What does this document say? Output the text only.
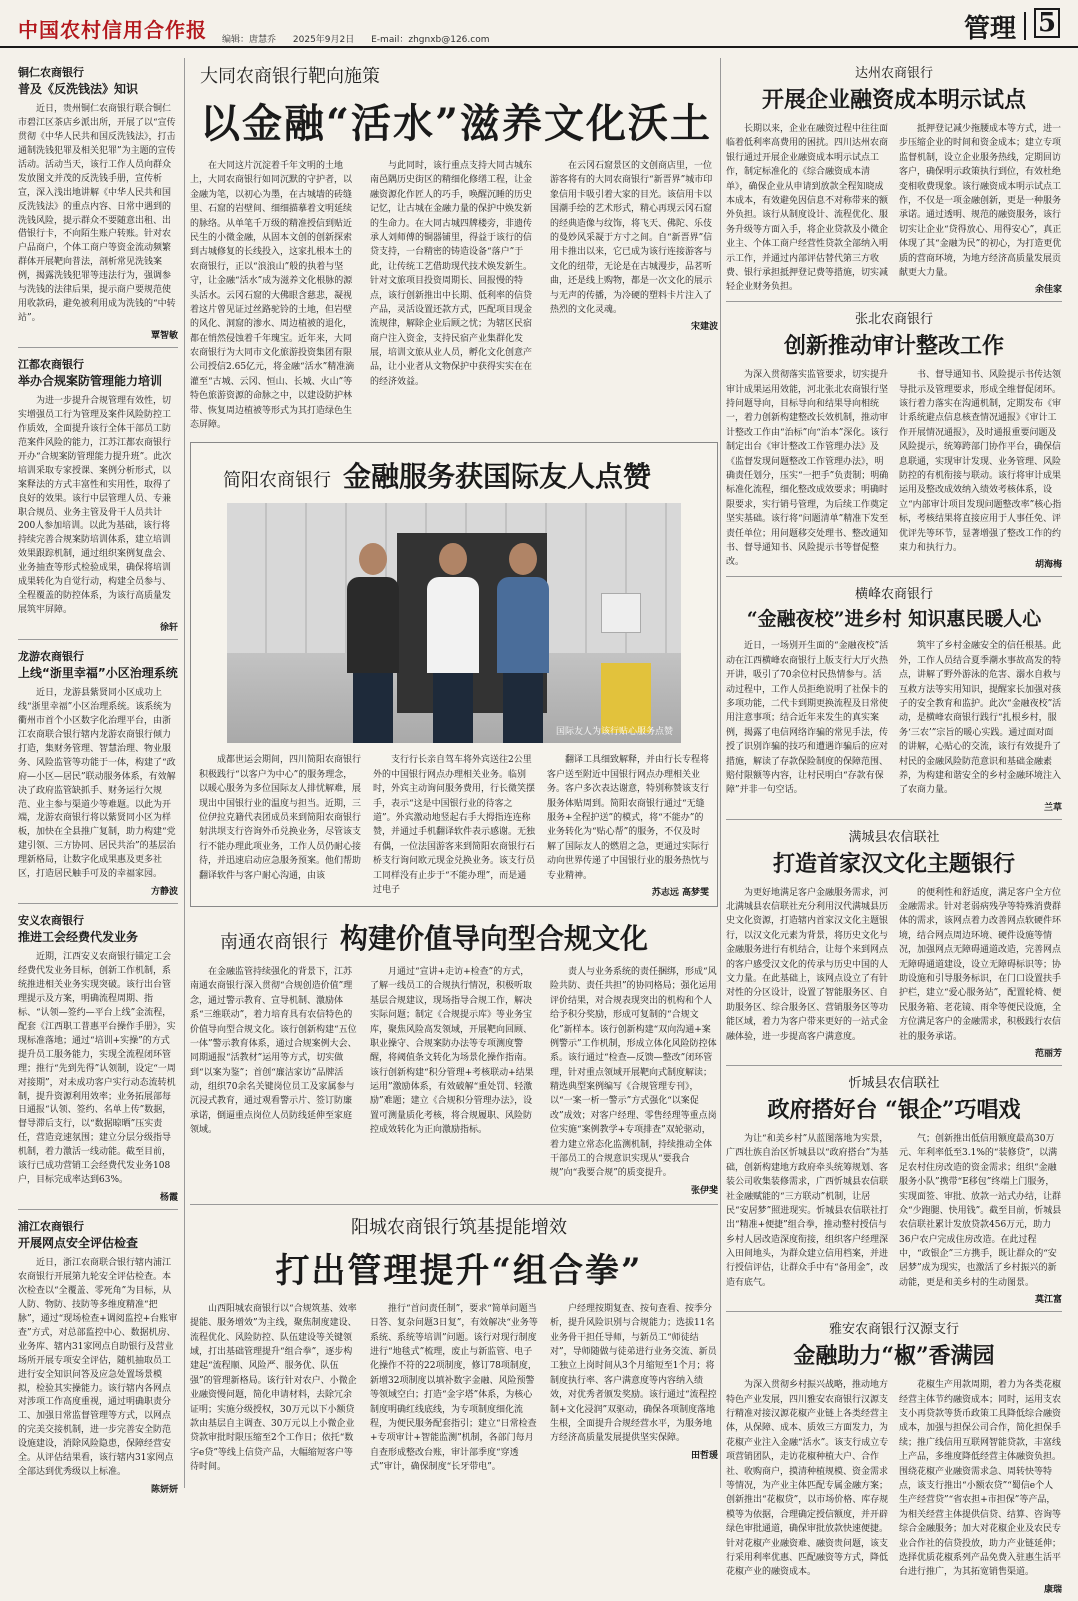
中国农村信用合作报 编辑：唐慧乔 2025年9月2日 E-mail：zhgnxb@126.com	管理 5
铜仁农商银行
普及《反洗钱法》知识
近日，贵州铜仁农商银行联合铜仁市碧江区茶店乡派出所，开展了以“宣传贯彻《中华人民共和国反洗钱法》，打击通制洗钱犯罪及相关犯罪”为主题的宣传活动。活动当天，该行工作人员向群众发放图文并茂的反洗钱手册，宣传析宣，深入浅出地讲解《中华人民共和国反洗钱法》的重点内容、日常中遇到的洗钱风险，提示群众不要随意出租、出借银行卡，不向陌生账户转账。针对农户品商户，个体工商户等资金流动频繁群体开展靶向普法，剖析常见洗钱案例，揭露洗钱犯罪等违法行为，强调参与洗钱的法律后果，提示商户要规范使用收款码，避免被利用成为洗钱的“中转站”。
覃智敏
江都农商银行
举办合规案防管理能力培训
为进一步提升合规管理有效性，切实增强员工行为管理及案件风险防控工作质效，全面提升该行全体干部员工防范案件风险的能力，江苏江都农商银行开办“合规案防管理能力提升班”。此次培训采取专家授课、案例分析形式，以案释法的方式丰富性和实用性，取得了良好的效果。该行中层管理人员、专兼职合规员、业务主管及骨干人员共计200人参加培训。以此为基础，该行将持续完善合规案防培训体系，建立培训效果跟踪机制，通过组织案例复盘会、业务抽查等形式检验成果，确保将培训成果转化为自觉行动，构建全员参与、全程覆盖的防控体系，为该行高质量发展筑牢屏障。
徐轩
龙游农商银行
上线“浙里幸福”小区治理系统
近日，龙游县紫贤同小区成功上线“浙里幸福”小区治理系统。该系统为衢州市首个小区数字化治理平台，由浙江农商联合银行辖内龙游农商银行倾力打造，集财务管理、智慧治理、物业服务、风险监管等功能于一体，构建了“政府—小区—居民”联动服务体系，有效解决了政府监管缺抓手、财务运行欠规范、业主参与渠道少等难题。以此为开端，龙游农商银行将以紫贤同小区为样板，加快在全县推广复制，助力构建“党建引领、三方协同、居民共治”的基层治理新格局，让数字化成果惠及更多社区，打造居民触手可及的幸福家园。
方静波
安义农商银行
推进工会经费代发业务
近期，江西安义农商银行锚定工会经费代发业务目标，创新工作机制，系统推进相关业务实现突破。该行出台管理提示及方案，明确流程周期、指标、“认领—签约—平台上线”金流程，配套《江西职工普惠平台操作手册》，实现标准落地；通过“培训+实操”的方式提升员工服务能力，实现全流程闭环管理；推行“先到先得”认领制，设定“一周对接期”，对未成功客户实行动态流转机制，提升资源利用效率；业务拓展部每日通报“认领、签约、名单上传”数据，督导滞后支行，以“数据晾晒”压实责任，营造竞速氛围；建立分层分级指导机制，着力激活一线动能。截至目前，该行已成功营销工会经费代发业务108户，目标完成率达到63%。
杨霞
浦江农商银行
开展网点安全评估检查
近日，浙江农商联合银行辖内浦江农商银行开展第九轮安全评估检查。本次检查以“全覆盖、零死角”为目标，从人防、物防、技防等多维度精准“把脉”，通过“现场检查+调阅监控+台账审查”方式，对总部监控中心、数据机房、业务库、辖内31家网点自助银行及营业场所开展专项安全评估，随机抽取员工进行安全知识问答及应急处置场景模拟，检验其实操能力。该行辖内各网点对涉项工作高度重视，通过明确职责分工、加强日常监督管理等方式，以网点的完美交接机制，进一步完善安全防范设施建设，消除风险隐患，保障经营安全。从评估结果看，该行辖内31家网点全部达到优秀级以上标准。
陈妍妍
大同农商银行靶向施策
以金融“活水”滋养文化沃土
在大同这片沉淀着千年文明的土地上，大同农商银行如同沉默的守护者，以金融为笔，以初心为墨，在古城墙的砖缝里、石窟的岩壁间、细细描摹着文明延续的脉络。从单笔千万级的精准授信到贴近民生的小微金融，从固本文创的创新探索到古城修复的长线投入，这家扎根本土的农商银行，正以“浪浪山”般的执着与坚守，让金融“活水”成为滋养文化根脉的源头活水。云冈石窟的大佛眼含慈悲，凝视着这片曾见证过丝路驼铃的土地，但岩壁的风化、洞窟的渗水、周边植被的退化，都在悄然侵蚀着千年瑰宝。近年来，大同农商银行为大同市文化旅游投资集团有限公司授信2.65亿元，将金融“活水”精准滴灌至“古城、云冈、恒山、长城、火山”等特色旅游资源的命脉之中，以建设防护林带、恢复周边植被等形式为其打造绿色生态屏障。
与此同时，该行重点支持大同古城东南邑隅历史街区的精细化修缮工程，让金融资源化作匠人的巧手，唤醒沉睡的历史记忆，让古城在金融力量的保护中焕发新的生命力。在大同古城四牌楼旁，非遗传承人刘师傅的铜器铺里，得益于该行的信贷支持，一台精密的铸造设备“落户”于此，让传统工艺借助现代技术焕发新生。针对文旅项目投资周期长、回报慢的特点，该行创新推出中长期、低利率的信贷产品，灵活设置还款方式，匹配项目现金流规律，解除企业后顾之忧；为辖区民宿商户注入资金，支持民宿产业集群化发展，培训文旅从业人员，孵化文化创意产品，让小业者从文物保护中获得实实在在的经济效益。
在云冈石窟景区的文创商店里，一位游客将有的大同农商银行“新晋界”城市印象信用卡吸引着大家的目光。该信用卡以国潮手绘的艺术形式，精心再现云冈石窟的经典造像与纹饰，将飞天、佛陀、乐伎的曼妙风采凝于方寸之间。自“新晋界”信用卡推出以来，它已成为该行连接游客与文化的纽带，无论是在古城漫步，品茗听曲，还是线上购物，都是一次文化的展示与无声的传播，为冷硬的塑料卡片注入了热烈的文化灵魂。
宋建波
简阳农商银行 金融服务获国际友人点赞
国际友人为该行贴心服务点赞
成都世运会期间，四川简阳农商银行积极践行“以客户为中心”的服务理念，以暖心服务为多位国际友人排忧解难，展现出中国银行业的温度与担当。近期，三位伊拉克籍代表团成员来到简阳农商银行射洪坝支行咨询外币兑换业务，尽管该支行不能办理此项业务，工作人员仍耐心接待，并迅速启动应急服务预案。他们帮助翻译软件与客户耐心沟通，由该
支行行长亲自驾车将外宾送往2公里外的中国银行网点办理相关业务。临别时，外宾主动询问服务费用，行长微笑摆手，表示“这是中国银行业的待客之道”。外宾激动地竖起右手大拇指连连称赞，并通过手机翻译软件表示感谢。无独有偶，一位法国游客来到简阳农商银行石桥支行询问欧元现金兑换业务。该支行员工同样没有止步于“不能办理”，而是通过电子
翻译工具细致解释，并由行长专程将客户送至附近中国银行网点办理相关业务。客户多次表达谢意，特别称赞该支行服务体贴周到。简阳农商银行通过“无缝服务+全程护送”的模式，将“不能办”的业务转化为“贴心帮”的服务，不仅及时解了国际友人的燃眉之急，更通过实际行动向世界传递了中国银行业的服务热忱与专业精神。
苏志远 高梦雯
南通农商银行 构建价值导向型合规文化
在金融监管持续强化的背景下，江苏南通农商银行深入贯彻“合规创造价值”理念，通过警示教育、宣导机制、激励体系“三维联动”，着力培育具有农信特色的价值导向型合规文化。该行创新构建“五位一体”警示教育体系，通过合规案例大会、同期通报“活教材”运用等方式，切实做到“以案为鉴”；首创“廉洁家访”品牌活动，组织70余名关键岗位员工及家属参与沉浸式教育，通过观看警示片、签订防廉承诺，倒逼重点岗位人员防线延伸至家庭领域。
月通过“宣讲+走访+检查”的方式，了解一线员工的合规执行情况，积极听取基层合规建议，现场指导合规工作，解决实际问题；制定《合规提示库》等业务宝库，聚焦风险高发领域，开展靶向回顾、职业操守、合规案防办法等专项测度警醒，将阈值条文转化为场景化操作指南。该行创新构建“积分管理+考核联动+结果运用”激励体系，有效破解“重处罚、轻激励”难题；建立《合规积分管理办法》，设置可测量质化考核，将合规履职、风险防控成效转化为正向激励指标。
责人与业务系统的责任捆绑，形成“风险共防、责任共担”的协同格局；强化运用评价结果，对合规表现突出的机构和个人给予积分奖励，形成可复制的“合规文化”新样本。该行创新构建“双向沟通+案例警示”工作机制，形成立体化风险防控体系。该行通过“检查—反馈—整改”闭环管理，针对重点领域开展靶向式制度解读；精选典型案例编写《合规管理专刊》，以“一案一析一警示”方式强化“以案促改”成效；对客户经理、零售经理等重点岗位实施“案例教学+专项排查”双轮驱动，着力建立常态化监测机制，持续推动全体干部员工的合规意识实现从“要我合规”向“我要合规”的质变提升。
张伊斐
阳城农商银行筑基提能增效
打出管理提升“组合拳”
山西阳城农商银行以“合规筑基、效率提能、服务增效”为主线，聚焦制度建设、流程优化、风险防控、队伍建设等关键领域，打出基础管理提升“组合拳”，逐步构建起“流程顺、风险严、服务优、队伍强”的管理新格局。该行针对农户、小微企业融资慢问题，简化申请材料，去除冗余证明；实施分级授权，30万元以下小额贷款由基层自主调查、30万元以上小微企业贷款审批时限压缩至2个工作日；依托“数字e贷”等线上信贷产品，大幅缩短客户等待时间。
推行“首问责任制”，要求“简单问题当日答、复杂问题3日复”，有效解决“业务等系统、系统等培训”问题。该行对现行制度进行“地毯式”梳理，废止与新监管、电子化操作不符的22项制度，修订78项制度，新增32项制度以填补数字金融、风险预警等领域空白；打造“金字塔”体系，为核心制度明确红线底线，为专项制度细化流程，为便民服务配套指引；建立“日常检查+专项审计+智能监测”机制，各部门每月自查形成整改台账，审计部季度“穿透式”审计，确保制度“长牙带电”。
户经理按期复查、按旬查看、按季分析，提升风险识别与合规能力；选拔11名业务骨干担任导师，与新员工“师徒结对”，导师随做与徒弟进行业务交流、新员工独立上岗时间从3个月缩短至1个月；将制度执行率、客户满意度等内容纳入绩效，对优秀者颁发奖励。该行通过“流程控制+文化浸润”双驱动，确保各项制度落地生根，全面提升合规经营水平，为服务地方经济高质量发展提供坚实保障。
田哲瑗
达州农商银行
开展企业融资成本明示试点
长期以来，企业在融资过程中往往面临着低利率高费用的困扰。四川达州农商银行通过开展企业融资成本明示试点工作，制定标准化的《综合融资成本清单》，确保企业从申请到放款全程知晓成本成本，有效避免因信息不对称带来的额外负担。该行从制度设计、流程优化、服务升级等方面入手，将企业贷款及小微企业主、个体工商户经营性贷款全部纳入明示工作，并通过内部评估替代第三方收费、银行承担抵押登记费等措施，切实减轻企业财务负担。
抵押登记减少拖腰成本等方式，进一步压缩企业的时间和资金成本；建立专项监督机制，设立企业服务热线，定期回访客户，确保明示政策执行到位，有效杜绝变相收费现象。该行融资成本明示试点工作，不仅是一项金融创新，更是一种服务承诺。通过透明、规范的融资服务，该行切实让企业“贷得放心、用得安心”，真正体现了其“金融为民”的初心，为打造更优质的营商环境，为地方经济高质量发展贡献更大力量。
余佳家
张北农商银行
创新推动审计整改工作
为深入贯彻落实监管要求，切实提升审计成果运用效能，河北张北农商银行坚持问题导向，目标导向和结果导向相统一，着力创新构建整改长效机制，推动审计整改工作由“治标”向“治本”深化。该行制定出台《审计整改工作管理办法》及《监督发现问题整改工作管理办法》，明确责任划分，压实“一把手”负责制；明确标准化流程，细化整改成效要求；明确时限要求，实行销号管理，为后续工作奠定坚实基础。该行将“问题清单”精准下发至责任单位；用问题移交处理书、整改通知书、督导通知书、风险提示书等督促整改。
书、督导通知书、风险提示书传达领导批示及管理要求，形成全维督促闭环。该行着力落实在沟通机制，定期发布《审计系统避点信息核查情况通报》《审计工作开展情况通报》，及时通报重要问题及风险提示，统筹跨部门协作平台，确保信息联通，实现审计发现、业务管理、风险防控的有机衔接与联动。该行将审计成果运用及整改成效纳入绩效考核体系，设立“内部审计项目发现问题整改率”核心指标，考核结果将直接应用于人事任免、评优评先等环节，显著增强了整改工作的约束力和执行力。
胡海梅
横峰农商银行
“金融夜校”进乡村 知识惠民暖人心
近日，一场别开生面的“金融夜校”活动在江西横峰农商银行上版支行大厅火热开讲，吸引了70余位村民热情参与。活动过程中，工作人员拒绝说明了社保卡的多项功能，二代卡到期更换流程及日常使用注意事项；结合近年来发生的真实案例，揭露了电信网络诈骗的常见手法，传授了识别诈骗的技巧和遭遇诈骗后的应对措施，解读了存款保险制度的保障范围、赔付限额等内容，让村民明白“存款有保障”并非一句空话。
筑牢了乡村金融安全的信任根基。此外，工作人员结合夏季潮水事故高发的特点，讲解了野外游泳的危害、溺水自救与互救方法等实用知识，提醒家长加强对孩子的安全教育和监护。此次“金融夜校”活动，是横峰农商银行践行“扎根乡村，服务‘三农’”宗旨的暖心实践。通过面对面的讲解，心贴心的交流，该行有效提升了村民的金融风险防范意识和基础金融素养，为构建和谐安全的乡村金融环境注入了农商力量。
兰草
满城县农信联社
打造首家汉文化主题银行
为更好地满足客户金融服务需求，河北满城县农信联社充分利用汉代满城县历史文化资源，打造辖内首家汉文化主题银行，以汉文化元素为背景，将历史文化与金融服务进行有机结合，让每个来到网点的客户感受汉文化的传承与历史中国的人文力量。在此基础上，该网点设立了有针对性的分区设计，设置了智能服务区、自助服务区、综合服务区、营销服务区等功能区域，着力为客户带来更好的一站式金融体验，进一步提高客户满意度。
的便利性和舒适度，满足客户全方位金融需求。针对老弱病残孕等特殊消费群体的需求，该网点着力改善网点软硬件环境，结合网点周边环境、硬件设施等情况，加强网点无障碍通道改造，完善网点无障碍通道建设，设立无障碍标识等；协助设施和引导服务标识，在门口设置扶手护栏，建立“爱心服务站”，配置轮椅、便民服务箱、老花镜、雨伞等便民设施，全方位满足客户的金融需求，积极践行农信社的服务承诺。
范丽芳
忻城县农信联社
政府搭好台 “银企”巧唱戏
为让“和美乡村”从蓝图落地为实景，广西壮族自治区忻城县以“政府搭台”为基础，创新构建地方政府牵头统筹规划、客装公司收集装修需求，广西忻城县农信联社金融赋能的“三方联动”机制，让居民“安居梦”照进现实。忻城县农信联社打出“精准+便捷”组合拳，推动整村授信与乡村人居改造深度衔接，组织客户经理深入田间地头，为群众建立信用档案，并进行授信评估，让群众手中有“备用金”，改造有底气。
气；创新推出低信用额度最高30万元、年利率低至3.1%的“装修贷”，以满足农村住房改造的资金需求；组织“金融服务小队”携带“E移包”终端上门服务，实现面签、审批、放款一站式办结，让群众“少跑腿、快用钱”。截至目前，忻城县农信联社累计发放贷款456万元，助力36户农户完成住房改造。在此过程中，“政银企”三方携手，既让群众的“安居梦”成为现实，也激活了乡村振兴的新动能，更是和美乡村的生动图景。
莫江富
雅安农商银行汉源支行
金融助力“椒”香满园
为深入贯彻乡村振兴战略，推动地方特色产业发展，四川雅安农商银行汉源支行精准对接汉源花椒产业链上各类经营主体，从保障、成本、质效三方面发力，为花椒产业注入金融“活水”。该支行成立专项营销团队，走访花椒种植大户、合作社、收购商户，摸清种植规模、资金需求等情况，为产业主体匹配专属金融方案；创新推出“花椒贷”，以市场价格、库存规模等为依据，合理确定授信额度，并开辟绿色审批通道，确保审批放款快速便捷。针对花椒产业融资难、融资贵问题，该支行采用利率优惠、匹配融资等方式，降低花椒产业的融资成本。
花椒生产用款周期，着力为各类花椒经营主体节约融资成本；同时，运用支农支小再贷款等货币政策工具降低综合融资成本，加强与担保公司合作，简化担保手续；推广线信用互联网智能贷款，丰富线上产品，多维度降低经营主体融资负担。围绕花椒产业融资需求急、周转快等特点，该支行推出“小额农贷”“蜀信e个人生产经营贷”“省农担+市担保”等产品，为相关经营主体提供信贷、结算、咨询等综合金融服务；加大对花椒企业及农民专业合作社的信贷投放，助力产业链延伸；选择优质花椒系列产品免费入驻惠生活平台进行推广，为其拓宽销售渠道。
康瑞
